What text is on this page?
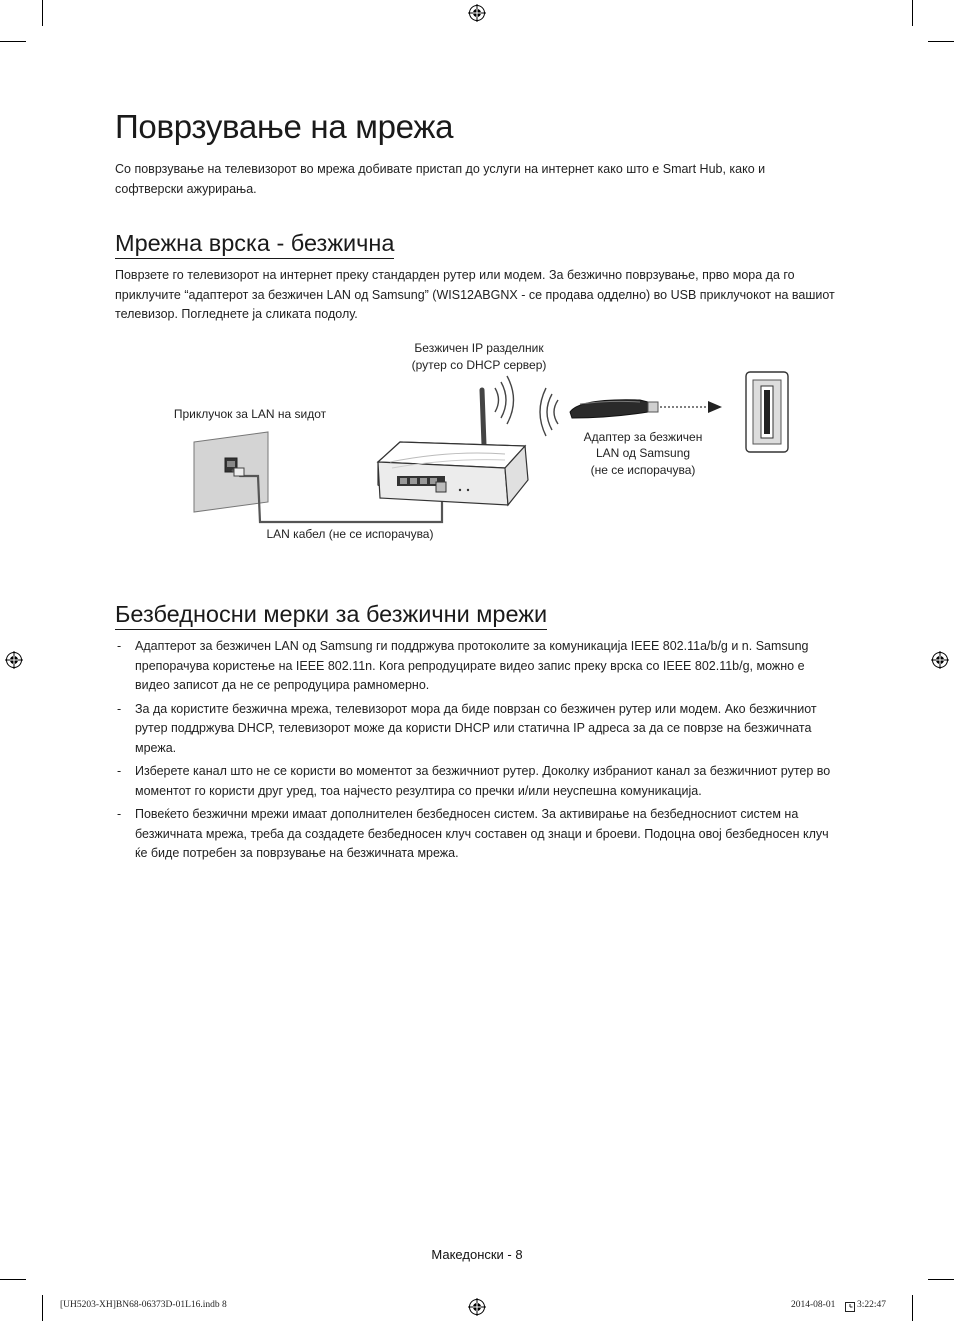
Поврзување на мрежа

Со поврзување на телевизорот во мрежа добивате пристап до услуги на интернет како што е Smart Hub, како и софтверски ажурирања.

Мрежна врска - безжична

Поврзете го телевизорот на интернет преку стандарден рутер или модем. За безжично поврзување, прво мора да го приклучите “адаптерот за безжичен LAN од Samsung” (WIS12ABGNX - се продава одделно) во USB приклучокот на вашиот телевизор. Погледнете ја сликата подолу.

Безжичен IP разделник
(рутер со DHCP сервер)
Приклучок за LAN на ѕидот
Адаптер за безжичен
LAN од Samsung
(не се испорачува)
LAN кабел (не се испорачува)
Безбедносни мерки за безжични мрежи
- Адаптерот за безжичен LAN од Samsung ги поддржува протоколите за комуникација IEEE 802.11a/b/g и n. Samsung препорачува користење на IEEE 802.11n. Кога репродуцирате видео запис преку врска со IEEE 802.11b/g, можно е видео записот да не се репродуцира рамномерно.
- За да користите безжична мрежа, телевизорот мора да биде поврзан со безжичен рутер или модем. Ако безжичниот рутер поддржува DHCP, телевизорот може да користи DHCP или статична IP адреса за да се поврзе на безжичната мрежа.
- Изберете канал што не се користи во моментот за безжичниот рутер. Доколку избраниот канал за безжичниот рутер во моментот го користи друг уред, тоа најчесто резултира со пречки и/или неуспешна комуникација.
- Повеќето безжични мрежи имаат дополнителен безбедносен систем. За активирање на безбедносниот систем на безжичната мрежа, треба да создадете безбедносен клуч составен од знаци и броеви. Подоцна овој безбедносен клуч ќе биде потребен за поврзување на безжичната мрежа.
Македонски - 8
[UH5203-XH]BN68-06373D-01L16.indb 8	2014-08-01 3:22:47
